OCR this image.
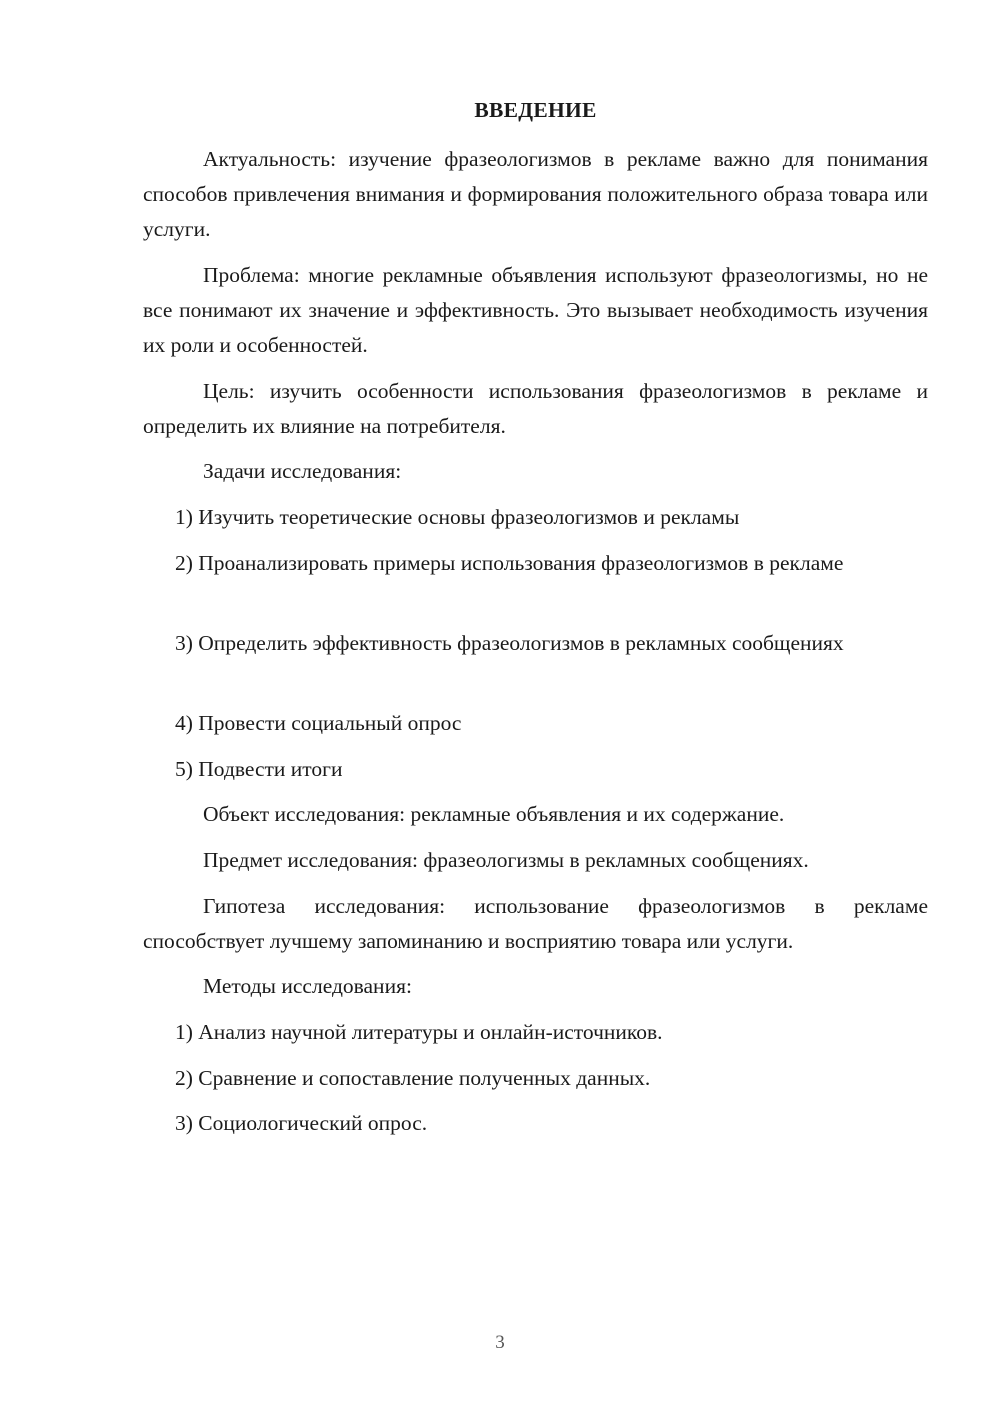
ВВЕДЕНИЕ

Актуальность: изучение фразеологизмов в рекламе важно для понимания способов привлечения внимания и формирования положительного образа товара или услуги.

Проблема: многие рекламные объявления используют фразеологизмы, но не все понимают их значение и эффективность. Это вызывает необходимость изучения их роли и особенностей.

Цель: изучить особенности использования фразеологизмов в рекламе и определить их влияние на потребителя.

Задачи исследования:

1) Изучить теоретические основы фразеологизмов и рекламы

2) Проанализировать примеры использования фразеологизмов в рекламе

3) Определить эффективность фразеологизмов в рекламных сообщениях

4) Провести социальный опрос

5) Подвести итоги

Объект исследования: рекламные объявления и их содержание.

Предмет исследования: фразеологизмы в рекламных сообщениях.

Гипотеза исследования: использование фразеологизмов в рекламе способствует лучшему запоминанию и восприятию товара или услуги.

Методы исследования:

1) Анализ научной литературы и онлайн-источников.

2) Сравнение и сопоставление полученных данных.

3) Социологический опрос.

3
